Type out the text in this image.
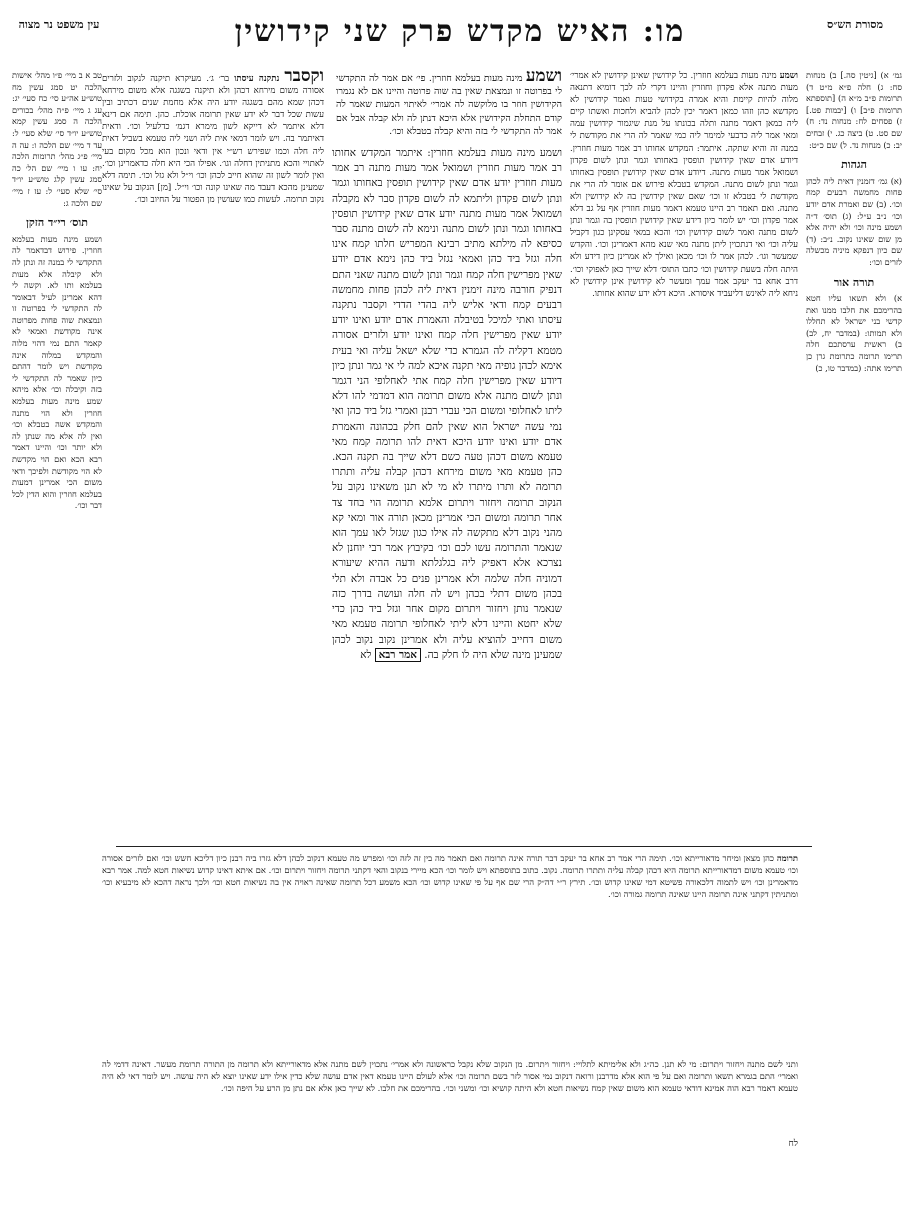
מסורת הש״ס
מו: האיש מקדש פרק שני קידושין
עין משפט נר מצוה
גמ׳ א) [גיטין סה.] ב) מנחות סח: ג) חלה פ״א מ״ט ד) תרומות פ״ב מ״א ה) [תוספתא תרומות פ״ב] ו) [יבמות פט.] ז) פסחים לח: מנחות נד: ח) שם סט. ט) ביצה כג. י) זבחים יב: כ) מנחות נד. ל) שם כ״ט:
הגהות
(א) גמ׳ דזמנין דאית ליה לכהן פחות מחמשה רבעים קמח וכו׳. (ב) שם ואמרת אדם יודע וכו׳ נ״ב ע״ל: (ג) תוס׳ ד״ה ושמע מינה וכו׳ ולא יהיה אלא מן שום שאינו נקוב. נ״ב: (ד) שם כיון דנפקא מיניה מכשלה לזרים וכו׳:
תורה אור
א) ולא תשאו עליו חטא בהרימכם את חלבו ממנו ואת קדשי בני ישראל לא תחללו ולא תמותו: (במדבר יח, לב) ב) ראשית ערסתכם חלה תרימו תרומה כתרומת גרן כן תרימו אתה: (במדבר טו, כ)
ושמע מינה מעות בעלמא חוזרין. כל קידושין שאינן קידושין לא אמרי׳ מעות מתנה אלא פקדון וחוזרין והיינו דקרי לה לכך דומיא דתנאה מלוה להיות קיימת והיא אמרה בקידושי טעות ואמר קידושין לא מקדשא כהן וזהו כמאן דאמר יכין לכהן להביא ולחכות ואשתו קיים ליה כמאן דאמר מתנה ותלה בכונתו על מנת שיגמור קידושין עמה ומאי אמר ליה כדבעי למימר ליה כמי שאמר לה הרי את מקודשת לי במנה זה והיא שתקה. איתמר: המקדש אחותו רב אמר מעות חוזרין. דיודע אדם שאין קידושין תופסין באחותו וגמר ונתן לשום פקדון ושמואל אמר מעות מתנה. דיודע אדם שאין קידושין תופסין באחותו וגמר ונתן לשום מתנה. המקדש בטבלא פירוש אם אומר לה הרי את מקודשת לי בטבלא זו וכו׳ שאם שאין קידושין בה לא קידושין ולא מתנה. ואם תאמר רב היינו טעמא דאמר מעות חוזרין אף על גב דלא אמר פקדון וכו׳ יש לומר כיון דידע שאין קידושין תופסין בה וגמר ונתן לשום מתנה ואמר לשום קידושין וכו׳ והכא במאי עסקינן כגון דקביל עליה וכו׳ ואי דנתכוין ליתן מתנה מאי שנא מהא דאמרינן וכו׳. והקדש שמעשר וגו׳. לכהן אמר לו וכו׳ מכאן ואילך לא אמרינן כיון דידע ולא היתה חלה בשעת קידושין וכו׳ כתבו התוס׳ דלא שייך כאן לאפוקי וכו׳. דרב אחא בר יעקב אמר עמך ומעשר לא קידושין אינן קידושין לא ניחא ליה לאינש דליעביד איסורא. היכא דלא ידע שהוא אחותו.
ושמע מינה מעות בעלמא חוזרין. פי׳ אם אמר לה התקדשי לי בפרוטה זו ונמצאת שאין בה שוה פרוטה והיינו אם לא נגמרו הקידושין חוזר בו מלוקשה לה אמרי׳ לאיתוי המעות שאמר לה קודם התחלת הקידושין אלא היכא דנתן לה ולא קבלה אבל אם אמר לה התקדשי לי בזה והיא קבלה בטבלא וכו׳.
ושמע מינה מעות בעלמא חוזרין: איתמר המקדש אחותו רב אמר מעות חוזרין ושמואל אמר מעות מתנה רב אמר מעות חוזרין יודע אדם שאין קידושין תופסין באחותו וגמר ונתן לשום פקדון וליתמא לה לשום פקדון סבר לא מקבלה ושמואל אמר מעות מתנה יודע אדם שאין קידושין תופסין באחותו וגמר ונתן לשום מתנה ונימא לה לשום מתנה סבר כסיפא לה מילתא מתיב רבינא המפריש חלתו קמח אינו חלה וגזל ביד כהן ואמאי נגזל ביד כהן נימא אדם יודע שאין מפרישין חלה קמח וגמר ונתן לשום מתנה שאני התם דנפיק חורבה מינה זימנין דאית ליה לכהן פחות מחמשה רבעים קמח ודאי אליש ליה בהדי הדדי וקסבר נתקנה עיסתו ואתי למיכל בטיבלה והאמרת אדם יודע ואינו יודע יודע שאין מפרישין חלה קמח ואינו יודע ולזרים אסורה מטמא דקליה לה הגמרא כדי שלא ישאל עליה ואי בעית אימא לכהן גופיה מאי תקנה איכא למה לי אי גמר ונתן כיון דיודע שאין מפרישין חלה קמח אתי לאחלופי הני דגמר ונתן לשום מתנה אלא משום תרומה הוא דמדמי להו דלא ליתו לאחלופי ומשום הכי עבדי רבנן ואמרי גזל ביד כהן ואי נמי עשה ישראל הוא שאין להם חלק בכהונה והאמרת אדם יודע ואינו יודע היכא דאית להו תרומה קמח מאי טעמא משום דכהן טעה כשם דלא שייך בה תקנה הכא. כהן טעמא מאי משום מירחא דכהן קבלה עליה ותתרו תרומה לא ותרו מיתרו לא מי לא תנן משאינו נקוב על הנקוב תרומה ויחזור ויתרום אלמא תרומה הוי בחד צד אחר תרומה ומשום הכי אמרינן מכאן תורה אור ומאי קא מהני נקוב דלא מתקשה לה אילו כגון שגזל לאו עמך הוא שנאמר והתרומה עשו לכם וכו׳ בקיבוץ אמר רבי יוחנן לא נצרכא אלא דאפיק ליה בגלגלתא ודעה ההיא שיעורא דמוניה חלה שלמה ולא אמרינן פנים כל אבדה ולא תלי בכהן משום דתלי בכהן ויש לה חלה ועושה בדרך כזה שנאמר נותן ויחזור ויתרום מקום אחר וגזל ביד כהן כדי שלא יחטא והיינו דלא ליתי לאחלופי תרומה טעמא מאי משום דחייב להוציא עליה ולא אמרינן נקוב נקוב לכהן שמעינן מינה שלא היה לו חלק בה. אמר רבא לא
וקסבר נתקנה עיסתו בר׳ ג׳. מעיקרא תיקנה לנקוב ולזרים אסורה משום מירחא דכהן ולא תיקנה בשגגה אלא משום מירחא דכהן שמא מהם בשגגה יודע היה אלא מחמת שנים דכתיב ובין עשות שכל דבר לא ידע שאין תרומה אוכלת. כהן. תימה אם דינא דלא איתמר לא דייקא לשון מימרא דגמ׳ כדלעיל וכו׳. ודאית דאיתמר בה. ויש לומר דמאי אית ליה ושני ליה טעמא בשביל דאית ליה חלה וכמו שפירש רש״י אין ודאי ונכון הוא מכל מקום בעי לאתויי והכא מתניתין דחלה וגו׳. אפילו הכי היא חלה כדאמרינן וכו׳. ואין לומר לשון זה שהוא חייב לכהן וכו׳ וי״ל ולא גזל וכו׳. תימה דלא שמעינן מהכא דעבד מה שאינו קונה וכו׳ וי״ל. [מן] הנקוב על שאינו נקוב תרומה. לעשות כמו שעושין מן הפטור על החיוב וכו׳.
טב א ב מיי׳ פ״ו מהל׳ אישות הלכה יט סמג עשין מח טוש״ע אה״ע סי׳ כח סעי׳ יג: עג ג מיי׳ פ״ה מהל׳ בכורים הלכה ה סמג עשין קמא טוש״ע יו״ד סי׳ שלא סעי׳ ל: עד ד מיי׳ שם הלכה ו: עה ה מיי׳ פ״ג מהל׳ תרומות הלכה יח: עו ו מיי׳ שם הל׳ כה סמג עשין קלג טוש״ע יו״ד סי׳ שלא סעי׳ ל: עז ז מיי׳ שם הלכה ג:
תוס׳ רי״ד הזקן
ושמע מינה מעות בעלמא חוזרין. פירוש דבדאמר לה התקדשי לי במנה זה ונתן לה ולא קיבלה אלא מעות בעלמא ותו לא. וקשה לי דהא אמרינן לעיל דבאומר לה התקדשי לי בפרוטה זו ונמצאת שוה פחות מפרוטה אינה מקודשת ואמאי לא קאמר התם נמי דהוי מלוה והמקדש במלוה אינה מקודשת ויש לומר דהתם כיון שאמר לה התקדשי לי בזה וקיבלה וכו׳ אלא מיהא שמע מינה מעות בעלמא חוזרין ולא הוי מתנה והמקדש אשה בטבלא וכו׳ ואין לה אלא מה שנתן לה ולא יותר וכו׳ והיינו דאמר רבא הכא ואם הוי מקדשת לא הוי מקודשת ולפיכך ודאי משום הכי אמרינן דמעות בעלמא חוזרין והוא הדין לכל דבר וכו׳.
תרומה כהן מצאן ומיחר מדאורייתא וכו׳. תימה הרי אמר רב אחא בר יעקב דבר תורה אינה תרומה ואם תאמר מה בין זה לזה וכו׳ ומפרש מה טעמא דנקוב לכהן דלא גזרו ביה רבנן כיון דליכא חשש וכו׳ ואם לזרים אסורה וכו׳ טעמא משום דמדאורייתא תרומה היא דכהן קבלה עליה ותתרו תרומה. נקוב. כתוב בתוספתא ויש לומר וכו׳ הכא מיירי בנקוב והאי דקתני תרומה ויחזור ויתרום וכו׳. אם איתא דאינו קדוש נשיאות חטא למה. אמר רבא מדאמרינן וכו׳ ויש לתמוה דלכאורה פשיטא דמי שאינו קדוש וכו׳. תירץ ר״י דה״ק הרי שם אף על פי שאינו קדוש וכו׳ הכא משמע דכל תרומה שאינה ראויה אין בה נשיאות חטא וכו׳ ולכך נראה דהכא לא מיבעיא וכו׳ ומתניתין דקתני אינה תרומה היינו שאינה תרומה גמורה וכו׳.
ותני לשם מתנה ויחזור ויתרום: מי לא תנן. כה״ג ולא אלימיתא לתלויי: ויחזור ויתרום. מן הנקוב שלא נקבל כראשונה ולא אמרי׳ נתכוין לשם מתנה אלא מדאורייתא ולא תרומה מן התורה תרומת מעשר. דאינה דדמי לה ואמרי׳ התם בגמרא תשאו ותרומה ואם על פי הוא אלא מדרבנן ורואה דנקוב נמי אסור לזר בשם תרומה וכו׳ אלא לעולם היינו טעמא דאין אדם עושה שלא כדין אילו ידע שאינו יוצא לא היה עושה. ויש לומר דאי לא היה טעמא דאמר רבא הוה אמינא דודאי טעמא הוא משום שאין קמח נשיאות חטא ולא היתה קושיא וכו׳ ומשני וכו׳. בהרימכם את חלבו. לא שייך כאן אלא אם נתן מן הרע על היפה וכו׳.
לח
